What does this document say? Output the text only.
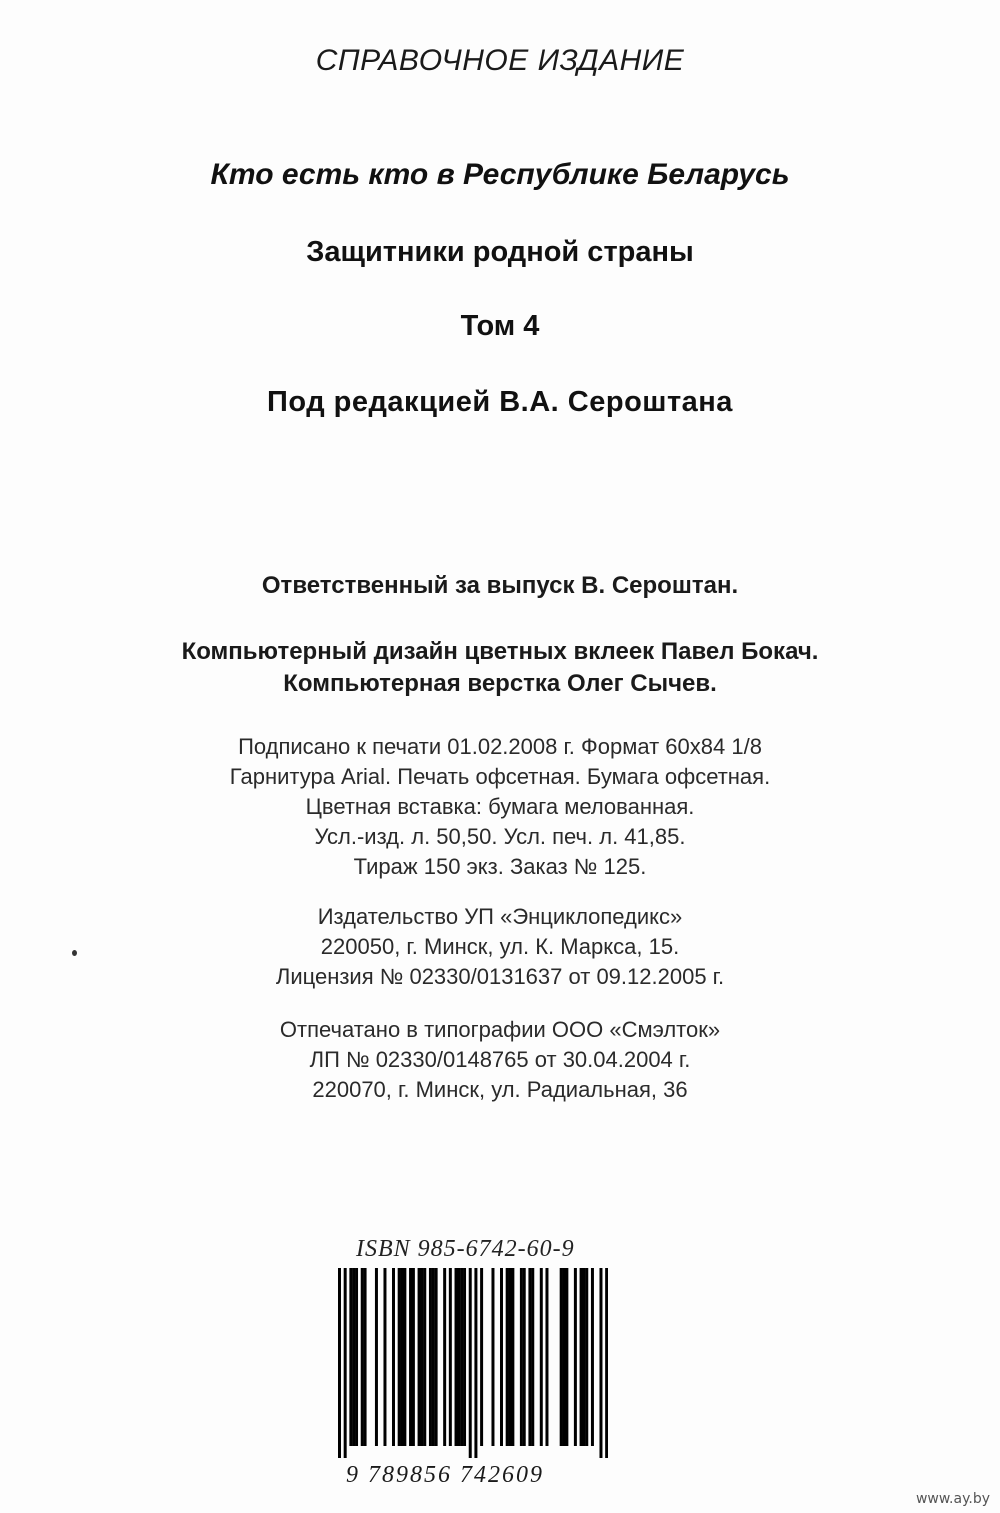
СПРАВОЧНОЕ ИЗДАНИЕ
Кто есть кто в Республике Беларусь
Защитники родной страны
Том 4
Под редакцией В.А. Сероштана
Ответственный за выпуск В. Сероштан.
Компьютерный дизайн цветных вклеек Павел Бокач.
Компьютерная верстка Олег Сычев.
Подписано к печати 01.02.2008 г. Формат 60x84 1/8
Гарнитура Arial. Печать офсетная. Бумага офсетная.
Цветная вставка: бумага мелованная.
Усл.-изд. л. 50,50. Усл. печ. л. 41,85.
Тираж 150 экз. Заказ № 125.
Издательство УП «Энциклопедикс»
220050, г. Минск, ул. К. Маркса, 15.
Лицензия № 02330/0131637 от 09.12.2005 г.
Отпечатано в типографии ООО «Смэлток»
ЛП № 02330/0148765 от 30.04.2004 г.
220070, г. Минск, ул. Радиальная, 36
ISBN 985-6742-60-9
9 789856 742609
www.ay.by
